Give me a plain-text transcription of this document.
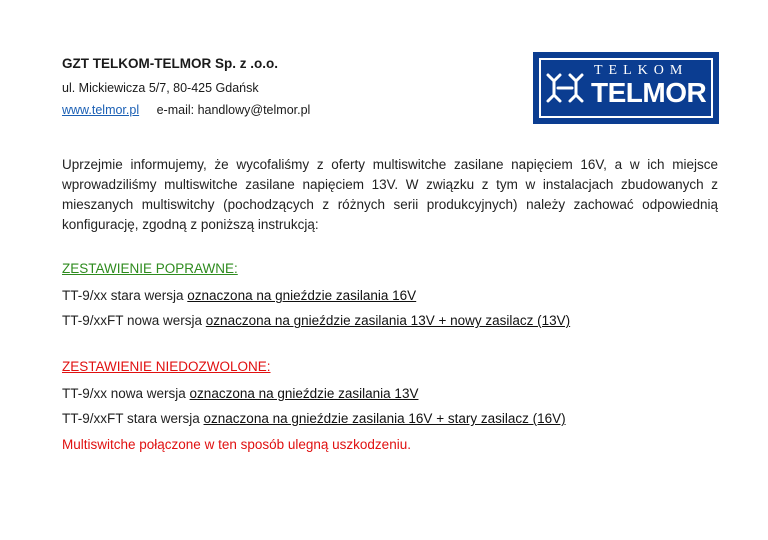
GZT TELKOM-TELMOR Sp. z .o.o.
ul. Mickiewicza 5/7, 80-425 Gdańsk
www.telmor.pl e-mail: handlowy@telmor.pl
TELKOM
TELMOR
Uprzejmie informujemy, że wycofaliśmy z oferty multiswitche zasilane napięciem 16V, a w ich miejsce wprowadziliśmy multiswitche zasilane napięciem 13V. W związku z tym w instalacjach zbudowanych z mieszanych multiswitchy (pochodzących z różnych serii produkcyjnych) należy zachować odpowiednią konfigurację, zgodną z poniższą instrukcją:
ZESTAWIENIE POPRAWNE:
TT-9/xx stara wersja oznaczona na gnieździe zasilania 16V
TT-9/xxFT nowa wersja oznaczona na gnieździe zasilania 13V + nowy zasilacz (13V)
ZESTAWIENIE NIEDOZWOLONE:
TT-9/xx nowa wersja oznaczona na gnieździe zasilania 13V
TT-9/xxFT stara wersja oznaczona na gnieździe zasilania 16V + stary zasilacz (16V)
Multiswitche połączone w ten sposób ulegną uszkodzeniu.
